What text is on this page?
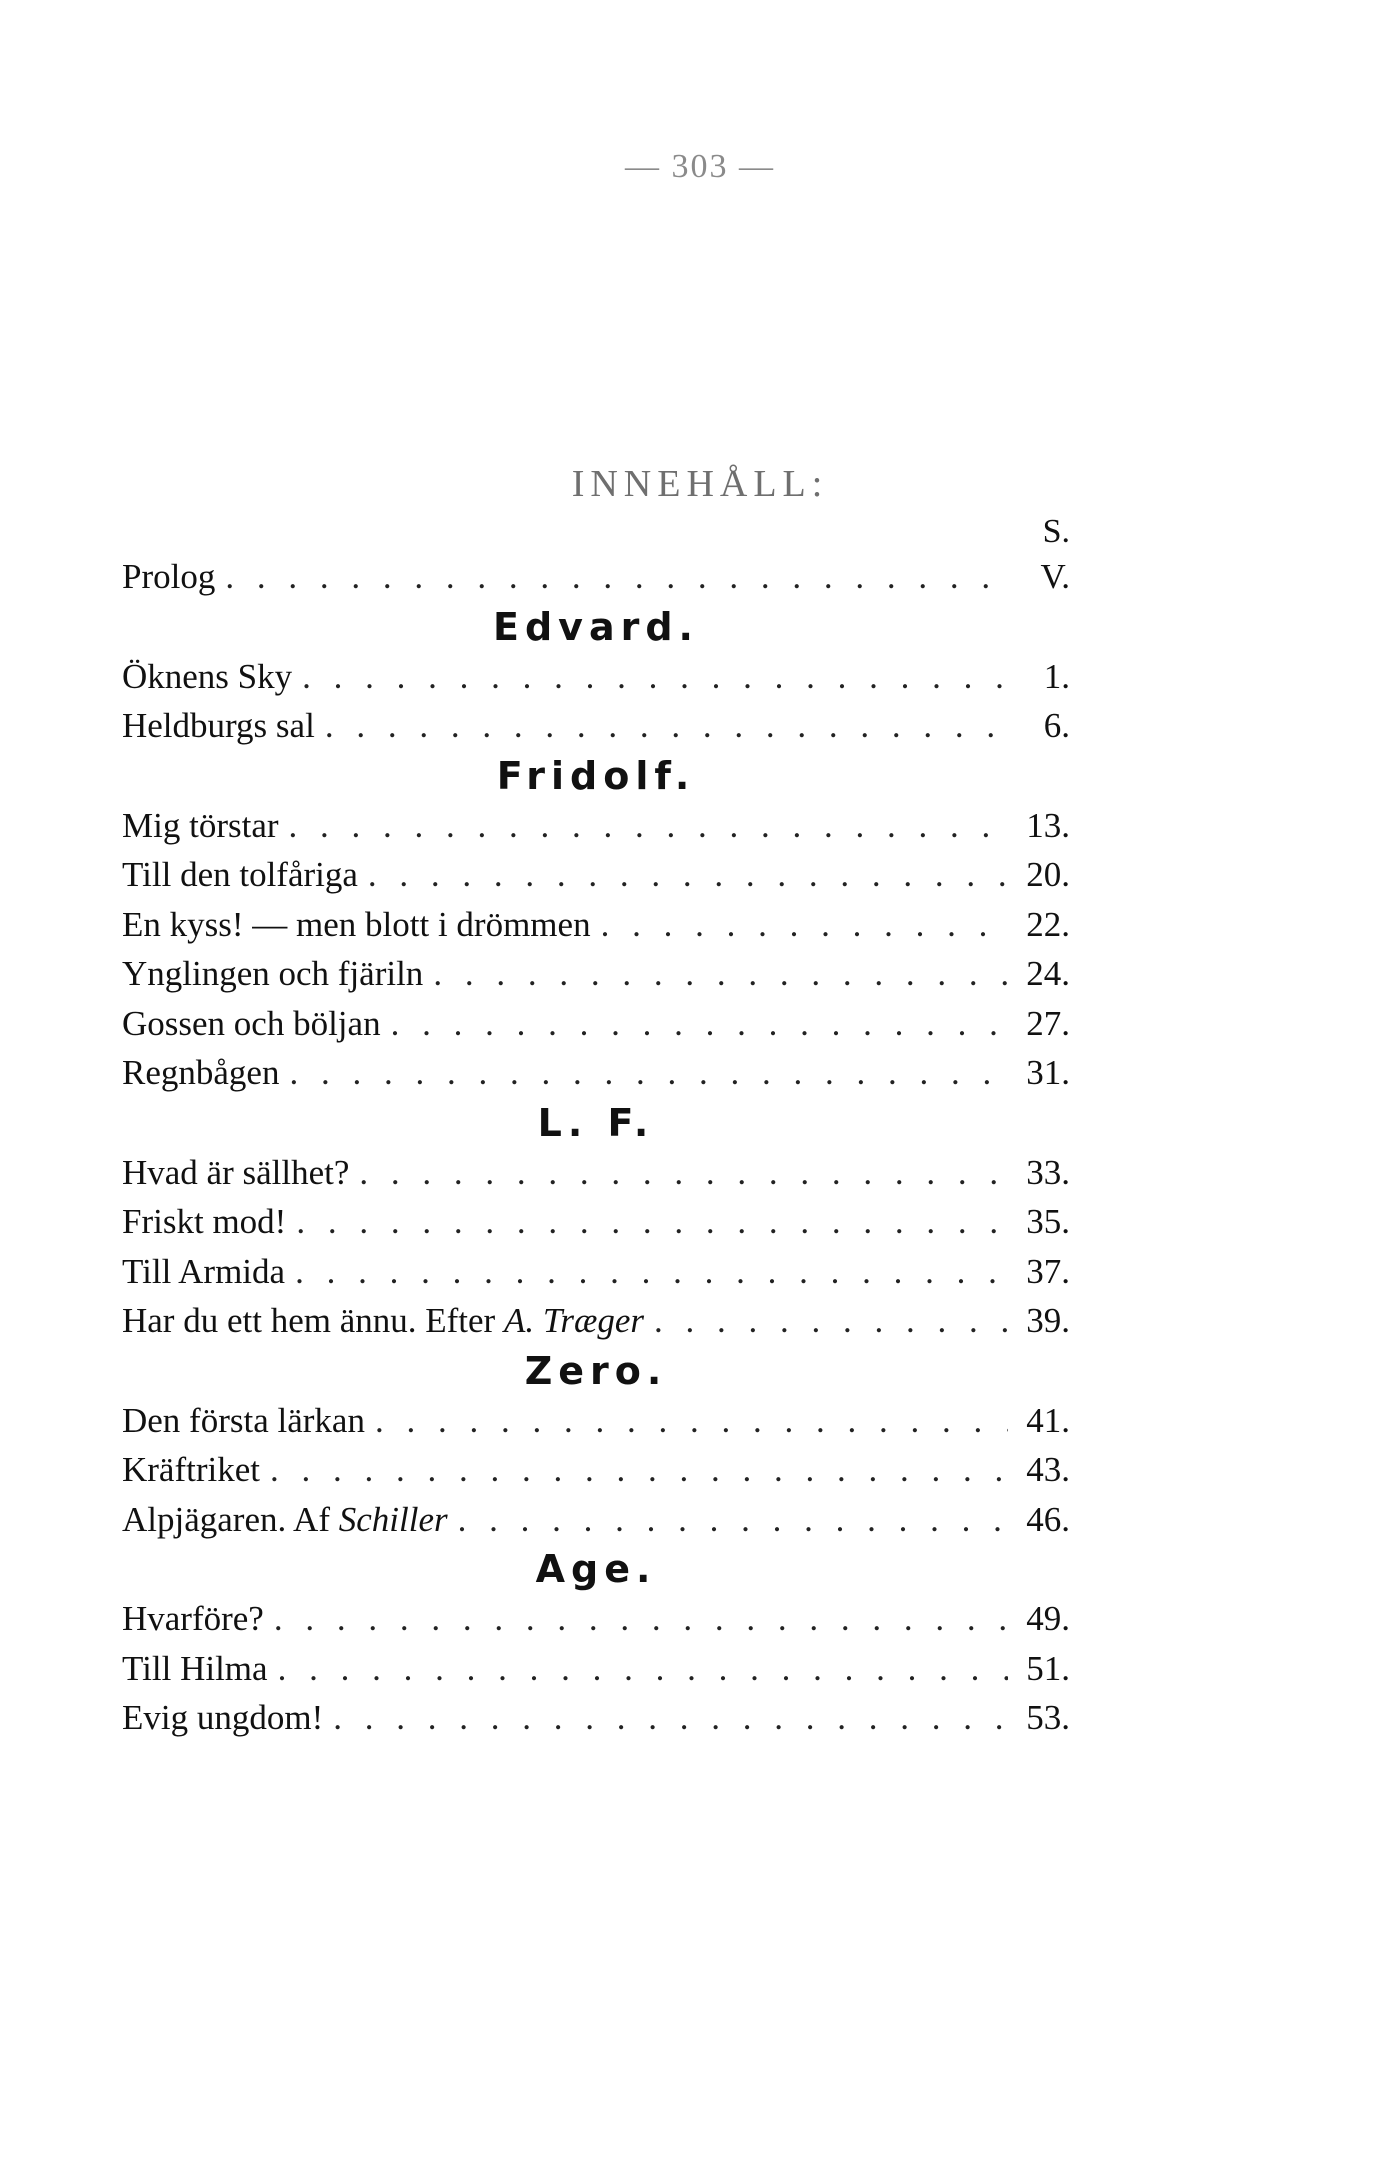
— 303 —
INNEHÅLL:
S.
Prolog . . .	V.
Edvard.
Öknens Sky . . .	1.
Heldburgs sal . . .	6.
Fridolf.
Mig törstar . . .	13.
Till den tolfåriga . . .	20.
En kyss! — men blott i drömmen . . .	22.
Ynglingen och fjäriln . . .	24.
Gossen och böljan . . .	27.
Regnbågen . . .	31.
L. F.
Hvad är sällhet? . . .	33.
Friskt mod! . . .	35.
Till Armida . . .	37.
Har du ett hem ännu. Efter A. Træger . . .	39.
Zero.
Den första lärkan . . .	41.
Kräftriket . . .	43.
Alpjägaren. Af Schiller . . .	46.
Age.
Hvarföre? . . .	49.
Till Hilma . . .	51.
Evig ungdom! . . .	53.
